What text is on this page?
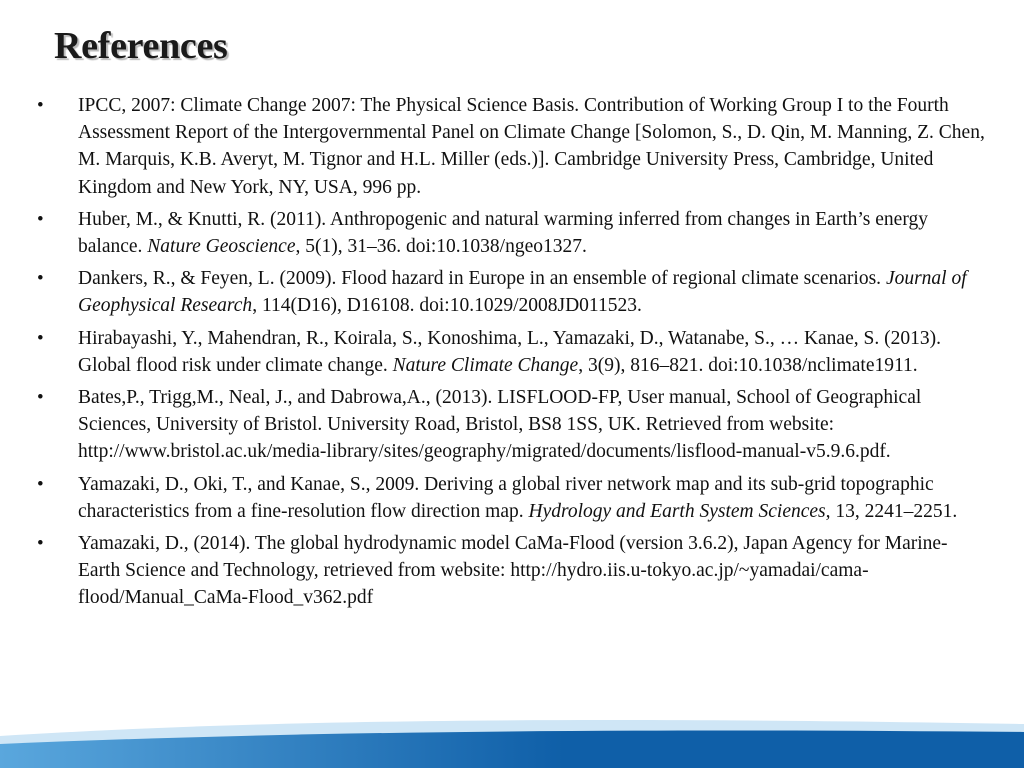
References
• IPCC, 2007: Climate Change 2007: The Physical Science Basis. Contribution of Working Group I to the Fourth Assessment Report of the Intergovernmental Panel on Climate Change [Solomon, S., D. Qin, M. Manning, Z. Chen, M. Marquis, K.B. Averyt, M. Tignor and H.L. Miller (eds.)]. Cambridge University Press, Cambridge, United Kingdom and New York, NY, USA, 996 pp.
• Huber, M., & Knutti, R. (2011). Anthropogenic and natural warming inferred from changes in Earth’s energy balance. Nature Geoscience, 5(1), 31–36. doi:10.1038/ngeo1327.
• Dankers, R., & Feyen, L. (2009). Flood hazard in Europe in an ensemble of regional climate scenarios. Journal of Geophysical Research, 114(D16), D16108. doi:10.1029/2008JD011523.
• Hirabayashi, Y., Mahendran, R., Koirala, S., Konoshima, L., Yamazaki, D., Watanabe, S., … Kanae, S. (2013). Global flood risk under climate change. Nature Climate Change, 3(9), 816–821. doi:10.1038/nclimate1911.
• Bates,P., Trigg,M., Neal, J., and Dabrowa,A., (2013). LISFLOOD-FP, User manual, School of Geographical Sciences, University of Bristol. University Road, Bristol, BS8 1SS, UK. Retrieved from website: http://www.bristol.ac.uk/media-library/sites/geography/migrated/documents/lisflood-manual-v5.9.6.pdf.
• Yamazaki, D., Oki, T., and Kanae, S., 2009. Deriving a global river network map and its sub-grid topographic characteristics from a fine-resolution flow direction map. Hydrology and Earth System Sciences, 13, 2241–2251.
• Yamazaki, D., (2014). The global hydrodynamic model CaMa-Flood (version 3.6.2), Japan Agency for Marine-Earth Science and Technology, retrieved from website: http://hydro.iis.u-tokyo.ac.jp/~yamadai/cama-flood/Manual_CaMa-Flood_v362.pdf
